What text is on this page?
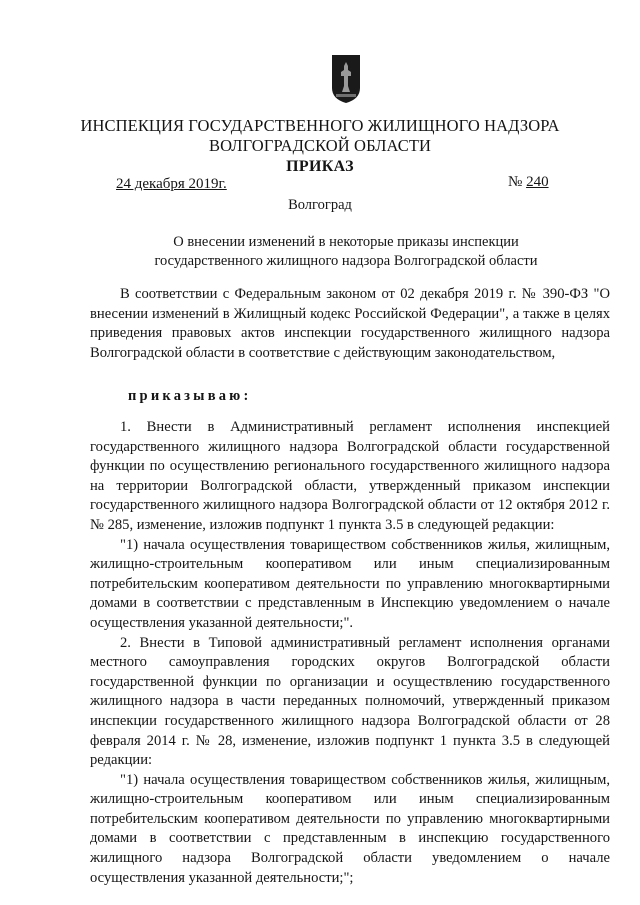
ИНСПЕКЦИЯ ГОСУДАРСТВЕННОГО ЖИЛИЩНОГО НАДЗОРА
ВОЛГОГРАДСКОЙ ОБЛАСТИ
ПРИКАЗ
24 декабря 2019г.	№ 240
Волгоград
О внесении изменений в некоторые приказы инспекции
государственного жилищного надзора Волгоградской области

В соответствии с Федеральным законом от 02 декабря 2019 г. № 390-ФЗ "О внесении изменений в Жилищный кодекс Российской Федерации", а также в целях приведения правовых актов инспекции государственного жилищного надзора Волгоградской области в соответствие с действующим законодательством,

приказываю:

1. Внести в Административный регламент исполнения инспекцией государственного жилищного надзора Волгоградской области государственной функции по осуществлению регионального государственного жилищного надзора на территории Волгоградской области, утвержденный приказом инспекции государственного жилищного надзора Волгоградской области от 12 октября 2012 г. № 285, изменение, изложив подпункт 1 пункта 3.5 в следующей редакции:

"1) начала осуществления товариществом собственников жилья, жилищным, жилищно-строительным кооперативом или иным специализированным потребительским кооперативом деятельности по управлению многоквартирными домами в соответствии с представленным в Инспекцию уведомлением о начале осуществления указанной деятельности;".

2. Внести в Типовой административный регламент исполнения органами местного самоуправления городских округов Волгоградской области государственной функции по организации и осуществлению государственного жилищного надзора в части переданных полномочий, утвержденный приказом инспекции государственного жилищного надзора Волгоградской области от 28 февраля 2014 г. № 28, изменение, изложив подпункт 1 пункта 3.5 в следующей редакции:

"1) начала осуществления товариществом собственников жилья, жилищным, жилищно-строительным кооперативом или иным специализированным потребительским кооперативом деятельности по управлению многоквартирными домами в соответствии с представленным в инспекцию государственного жилищного надзора Волгоградской области уведомлением о начале осуществления указанной деятельности;";
